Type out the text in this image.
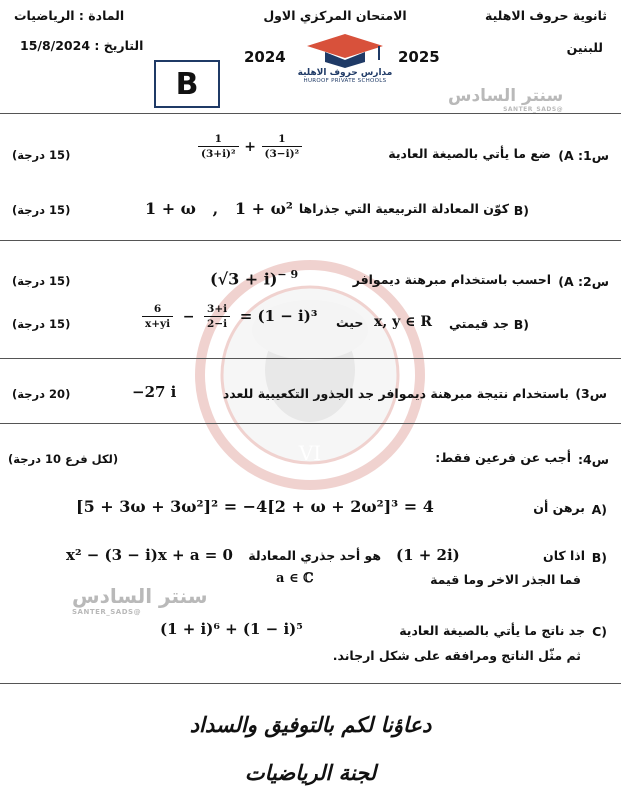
VI
ثانوية حروف الاهلية
للبنين
الامتحان المركزي الاول
المادة : الرياضيات
التاريخ : 15/8/2024
2024	2025
مدارس حروف الاهلية
HUROOF PRIVATE SCHOOLS
B	سنتر السادس
@SANTER_SADS
س1: A)
ضع ما يأتي بالصيغة العادية
$\frac{1}{\text{(3+i)²}} + \frac{1}{\text{(3−i)²}}$
(15 درجة)
B)
كوّن المعادلة التربيعية التي جذراها
1 + ω   ,   1 + ω²
(15 درجة)
س2: A)
احسب باستخدام مبرهنة ديموافر
$(√3 + i)^{- 9}$
(15 درجة)
B)
جد قيمتي
x, y ∈ R
حيث
$\frac{6}{x+yi} - \frac{3+i}{2-i} = (1 - i)^3$
(15 درجة)
س3)
باستخدام نتيجة مبرهنة ديموافر جد الجذور التكعيبية للعدد
−27 i
(20 درجة)
س4:
أجب عن فرعين فقط:
(لكل فرع 10 درجة)
A)
برهن أن
[5 + 3ω + 3ω²]² = −4[2 + ω + 2ω²]³ = 4
B)
اذا كان
(1 + 2i)
هو أحد جذري المعادلة
x² − (3 − i)x + a = 0
فما الجذر الاخر وما قيمة
a ∈ ℂ
سنتر السادس
@SANTER_SADS
C)
جد ناتج ما يأتي بالصيغة العادية
(1 + i)⁶ + (1 − i)⁵
ثم مثّل الناتج ومرافقه على شكل ارجاند.
دعاؤنا لكم بالتوفيق والسداد
لجنة الرياضيات
